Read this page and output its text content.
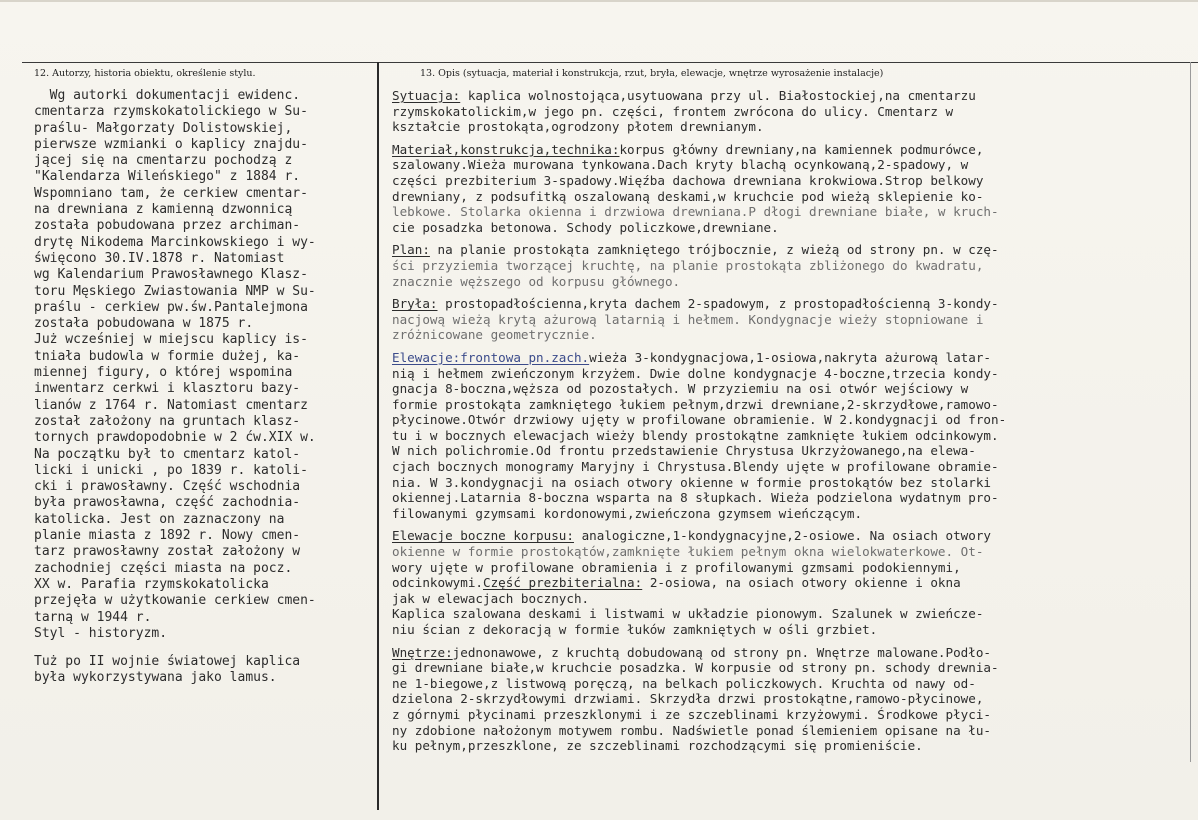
12. Autorzy, historia obiektu, określenie stylu.	13. Opis (sytuacja, materiał i konstrukcja, rzut, bryła, elewacje, wnętrze wyrosażenie instalacje)

Wg autorki dokumentacji ewidenc.

cmentarza rzymskokatolickiego w Su-

praślu- Małgorzaty Dolistowskiej,

pierwsze wzmianki o kaplicy znajdu-

jącej się na cmentarzu pochodzą z

"Kalendarza Wileńskiego" z 1884 r.

Wspomniano tam, że cerkiew cmentar-

na drewniana z kamienną dzwonnicą

została pobudowana przez archiman-

drytę Nikodema Marcinkowskiego i wy-

święcono 30.IV.1878 r. Natomiast

wg Kalendarium Prawosławnego Klasz-

toru Męskiego Zwiastowania NMP w Su-

praślu - cerkiew pw.św.Pantalejmona

została pobudowana w 1875 r.

Już wcześniej w miejscu kaplicy is-

tniała budowla w formie dużej, ka-

miennej figury, o której wspomina

inwentarz cerkwi i klasztoru bazy-

lianów z 1764 r. Natomiast cmentarz

został założony na gruntach klasz-

tornych prawdopodobnie w 2 ćw.XIX w.

Na początku był to cmentarz katol-

licki i unicki , po 1839 r. katoli-

cki i prawosławny. Część wschodnia

była prawosławna, część zachodnia-

katolicka. Jest on zaznaczony na

planie miasta z 1892 r. Nowy cmen-

tarz prawosławny został założony w

zachodniej części miasta na pocz.

XX w. Parafia rzymskokatolicka

przejęła w użytkowanie cerkiew cmen-

tarną w 1944 r.

Styl - historyzm.

Tuż po II wojnie światowej kaplica

była wykorzystywana jako lamus.

Sytuacja: kaplica wolnostojąca,usytuowana przy ul. Białostockiej,na cmentarzu
rzymskokatolickim,w jego pn. części, frontem zwrócona do ulicy. Cmentarz w
kształcie prostokąta,ogrodzony płotem drewnianym.
Materiał,konstrukcja,technika:korpus główny drewniany,na kamiennek podmurówce,
szalowany.Wieża murowana tynkowana.Dach kryty blachą ocynkowaną,2-spadowy, w
części prezbiterium 3-spadowy.Więźba dachowa drewniana krokwiowa.Strop belkowy
drewniany, z podsufitką oszalowaną deskami,w kruchcie pod wieżą sklepienie ko-
lebkowe. Stolarka okienna i drzwiowa drewniana.P dłogi drewniane białe, w kruch-
cie posadzka betonowa. Schody policzkowe,drewniane.
Plan: na planie prostokąta zamkniętego trójbocznie, z wieżą od strony pn. w czę-
ści przyziemia tworzącej kruchtę, na planie prostokąta zbliżonego do kwadratu,
znacznie węższego od korpusu głównego.
Bryła: prostopadłościenna,kryta dachem 2-spadowym, z prostopadłościenną 3-kondy-
nacjową wieżą krytą ażurową latarnią i hełmem. Kondygnacje wieży stopniowane i
zróżnicowane geometrycznie.
Elewacje:frontowa pn.zach.wieża 3-kondygnacjowa,1-osiowa,nakryta ażurową latar-
nią i hełmem zwieńczonym krzyżem. Dwie dolne kondygnacje 4-boczne,trzecia kondy-
gnacja 8-boczna,węższa od pozostałych. W przyziemiu na osi otwór wejściowy w
formie prostokąta zamkniętego łukiem pełnym,drzwi drewniane,2-skrzydłowe,ramowo-
płycinowe.Otwór drzwiowy ujęty w profilowane obramienie. W 2.kondygnacji od fron-
tu i w bocznych elewacjach wieży blendy prostokątne zamknięte łukiem odcinkowym.
W nich polichromie.Od frontu przedstawienie Chrystusa Ukrzyżowanego,na elewa-
cjach bocznych monogramy Maryjny i Chrystusa.Blendy ujęte w profilowane obramie-
nia. W 3.kondygnacji na osiach otwory okienne w formie prostokątów bez stolarki
okiennej.Latarnia 8-boczna wsparta na 8 słupkach. Wieża podzielona wydatnym pro-
filowanymi gzymsami kordonowymi,zwieńczona gzymsem wieńczącym.
Elewacje boczne korpusu: analogiczne,1-kondygnacyjne,2-osiowe. Na osiach otwory
okienne w formie prostokątów,zamknięte łukiem pełnym okna wielokwaterkowe. Ot-
wory ujęte w profilowane obramienia i z profilowanymi gzmsami podokiennymi,
odcinkowymi.Część prezbiterialna: 2-osiowa, na osiach otwory okienne i okna
jak w elewacjach bocznych.
Kaplica szalowana deskami i listwami w układzie pionowym. Szalunek w zwieńcze-
niu ścian z dekoracją w formie łuków zamkniętych w ośli grzbiet.
Wnętrze:jednonawowe, z kruchtą dobudowaną od strony pn. Wnętrze malowane.Podło-
gi drewniane białe,w kruchcie posadzka. W korpusie od strony pn. schody drewnia-
ne 1-biegowe,z listwową poręczą, na belkach policzkowych. Kruchta od nawy od-
dzielona 2-skrzydłowymi drzwiami. Skrzydła drzwi prostokątne,ramowo-płycinowe,
z górnymi płycinami przeszklonymi i ze szczeblinami krzyżowymi. Środkowe płyci-
ny zdobione nałożonym motywem rombu. Nadświetle ponad ślemieniem opisane na łu-
ku pełnym,przeszklone, ze szczeblinami rozchodzącymi się promieniście.
